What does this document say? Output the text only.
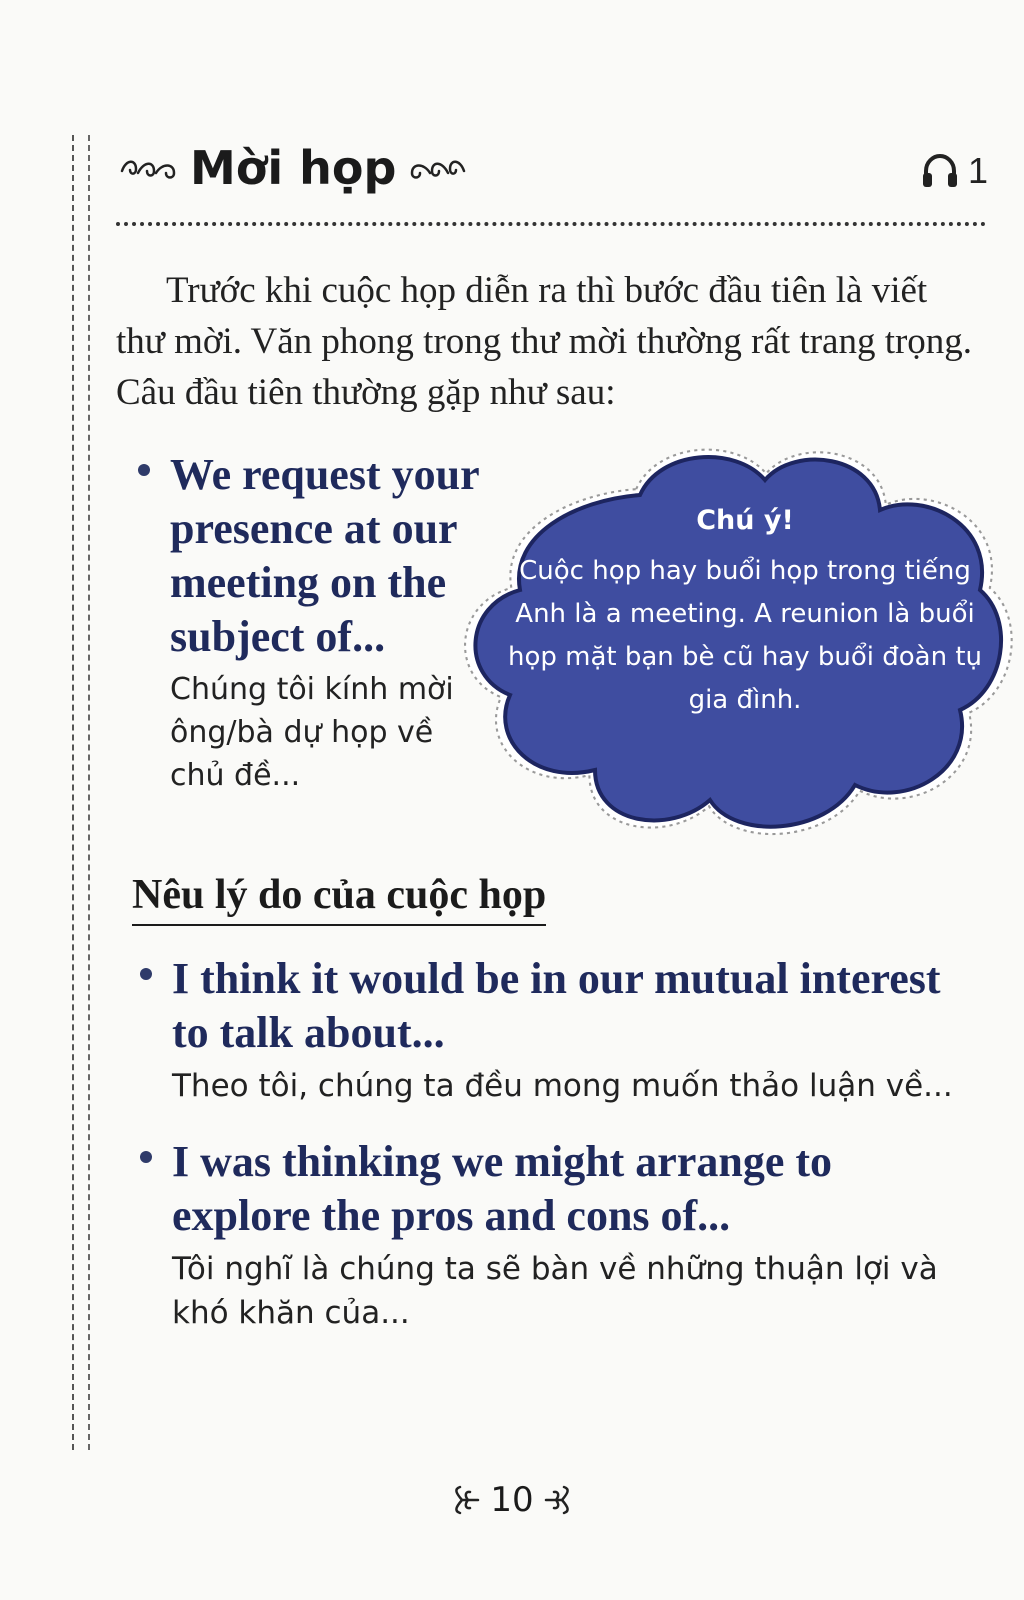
Mời họp	1

Trước khi cuộc họp diễn ra thì bước đầu tiên là viết thư mời. Văn phong trong thư mời thường rất trang trọng. Câu đầu tiên thường gặp như sau:

We request your presence at our meeting on the subject of...

Chúng tôi kính mời ông/bà dự họp về chủ đề...

Chú ý!

Cuộc họp hay buổi họp trong tiếng Anh là a meeting. A reunion là buổi họp mặt bạn bè cũ hay buổi đoàn tụ gia đình.

Nêu lý do của cuộc họp

I think it would be in our mutual interest to talk about...

Theo tôi, chúng ta đều mong muốn thảo luận về...

I was thinking we might arrange to explore the pros and cons of...

Tôi nghĩ là chúng ta sẽ bàn về những thuận lợi và khó khăn của...

10
